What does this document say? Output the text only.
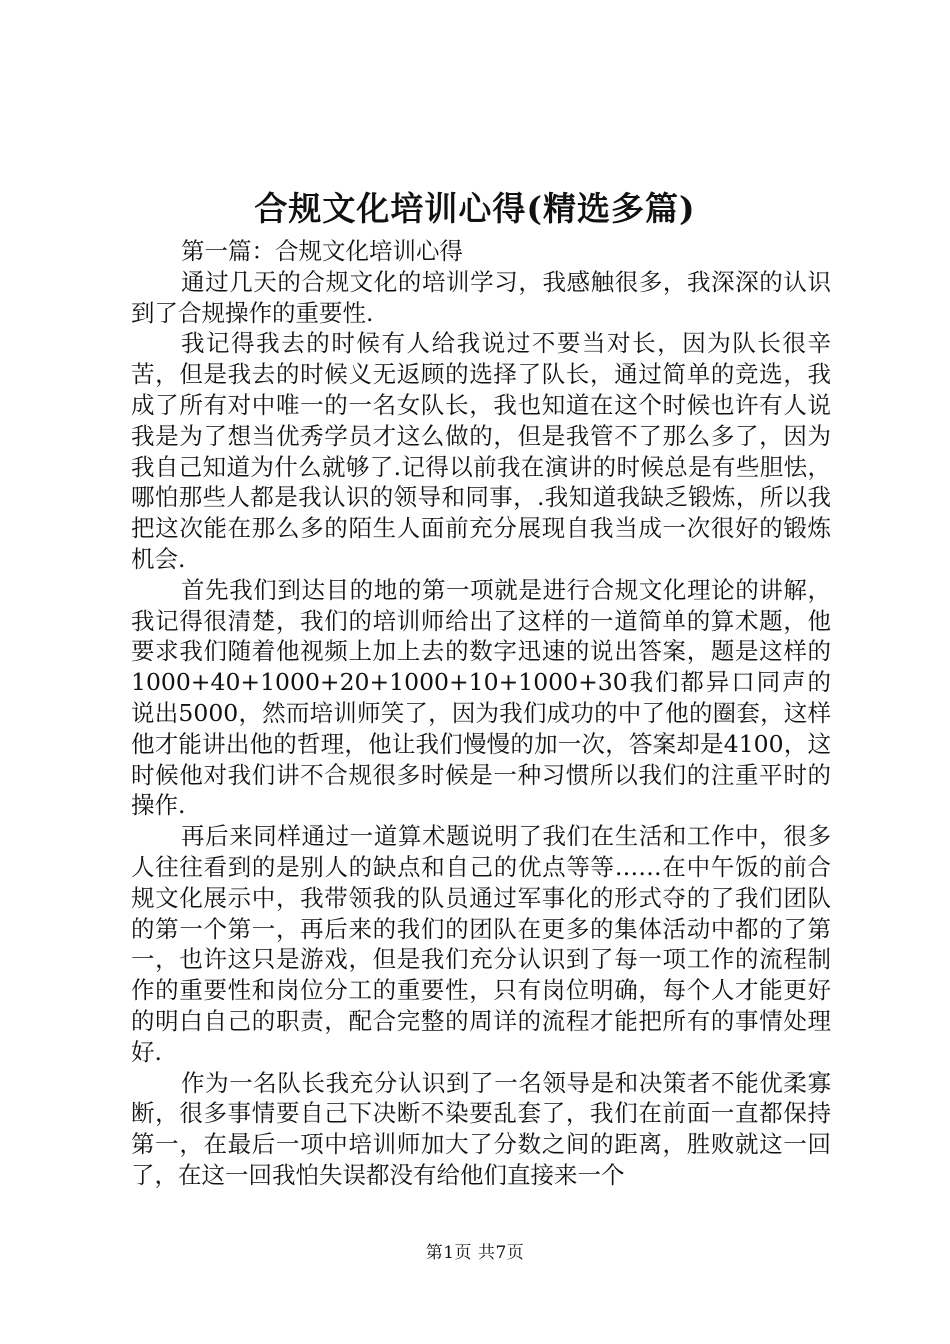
合规文化培训心得(精选多篇)

第一篇：合规文化培训心得

通过几天的合规文化的培训学习，我感触很多，我深深的认识到了合规操作的重要性.

我记得我去的时候有人给我说过不要当对长，因为队长很辛苦，但是我去的时候义无返顾的选择了队长，通过简单的竞选，我成了所有对中唯一的一名女队长，我也知道在这个时候也许有人说我是为了想当优秀学员才这么做的，但是我管不了那么多了，因为我自己知道为什么就够了.记得以前我在演讲的时候总是有些胆怯，哪怕那些人都是我认识的领导和同事，.我知道我缺乏锻炼，所以我把这次能在那么多的陌生人面前充分展现自我当成一次很好的锻炼机会.

首先我们到达目的地的第一项就是进行合规文化理论的讲解，我记得很清楚，我们的培训师给出了这样的一道简单的算术题，他要求我们随着他视频上加上去的数字迅速的说出答案，题是这样的1000+40+1000+20+1000+10+1000+30我们都异口同声的说出5000，然而培训师笑了，因为我们成功的中了他的圈套，这样他才能讲出他的哲理，他让我们慢慢的加一次，答案却是4100，这时候他对我们讲不合规很多时候是一种习惯所以我们的注重平时的操作.

再后来同样通过一道算术题说明了我们在生活和工作中，很多人往往看到的是别人的缺点和自己的优点等等……在中午饭的前合规文化展示中，我带领我的队员通过军事化的形式夺的了我们团队的第一个第一，再后来的我们的团队在更多的集体活动中都的了第一，也许这只是游戏，但是我们充分认识到了每一项工作的流程制作的重要性和岗位分工的重要性，只有岗位明确，每个人才能更好的明白自己的职责，配合完整的周详的流程才能把所有的事情处理好.

作为一名队长我充分认识到了一名领导是和决策者不能优柔寡断，很多事情要自己下决断不染要乱套了，我们在前面一直都保持第一，在最后一项中培训师加大了分数之间的距离，胜败就这一回了，在这一回我怕失误都没有给他们直接来一个

第1页 共7页
